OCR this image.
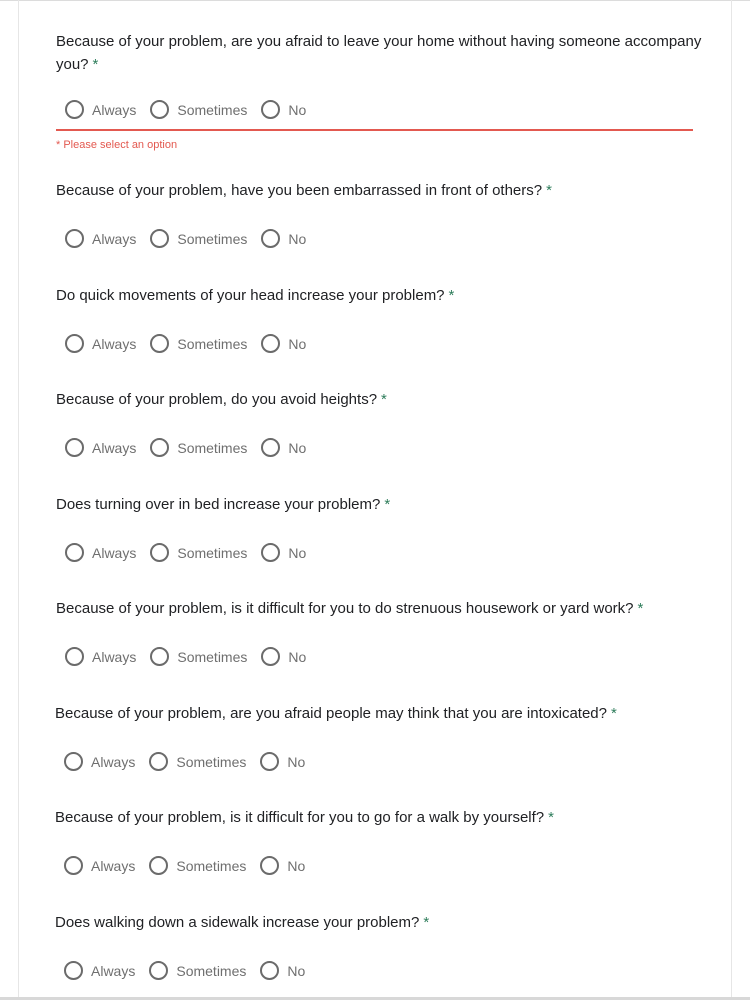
Because of your problem, are you afraid to leave your home without having someone accompany you? *

Always	Sometimes	No
* Please select an option

Because of your problem, have you been embarrassed in front of others? *

Always	Sometimes	No

Do quick movements of your head increase your problem? *

Always	Sometimes	No

Because of your problem, do you avoid heights? *

Always	Sometimes	No

Does turning over in bed increase your problem? *

Always	Sometimes	No

Because of your problem, is it difficult for you to do strenuous housework or yard work? *

Always	Sometimes	No

Because of your problem, are you afraid people may think that you are intoxicated? *

Always	Sometimes	No

Because of your problem, is it difficult for you to go for a walk by yourself? *

Always	Sometimes	No

Does walking down a sidewalk increase your problem? *

Always	Sometimes	No
